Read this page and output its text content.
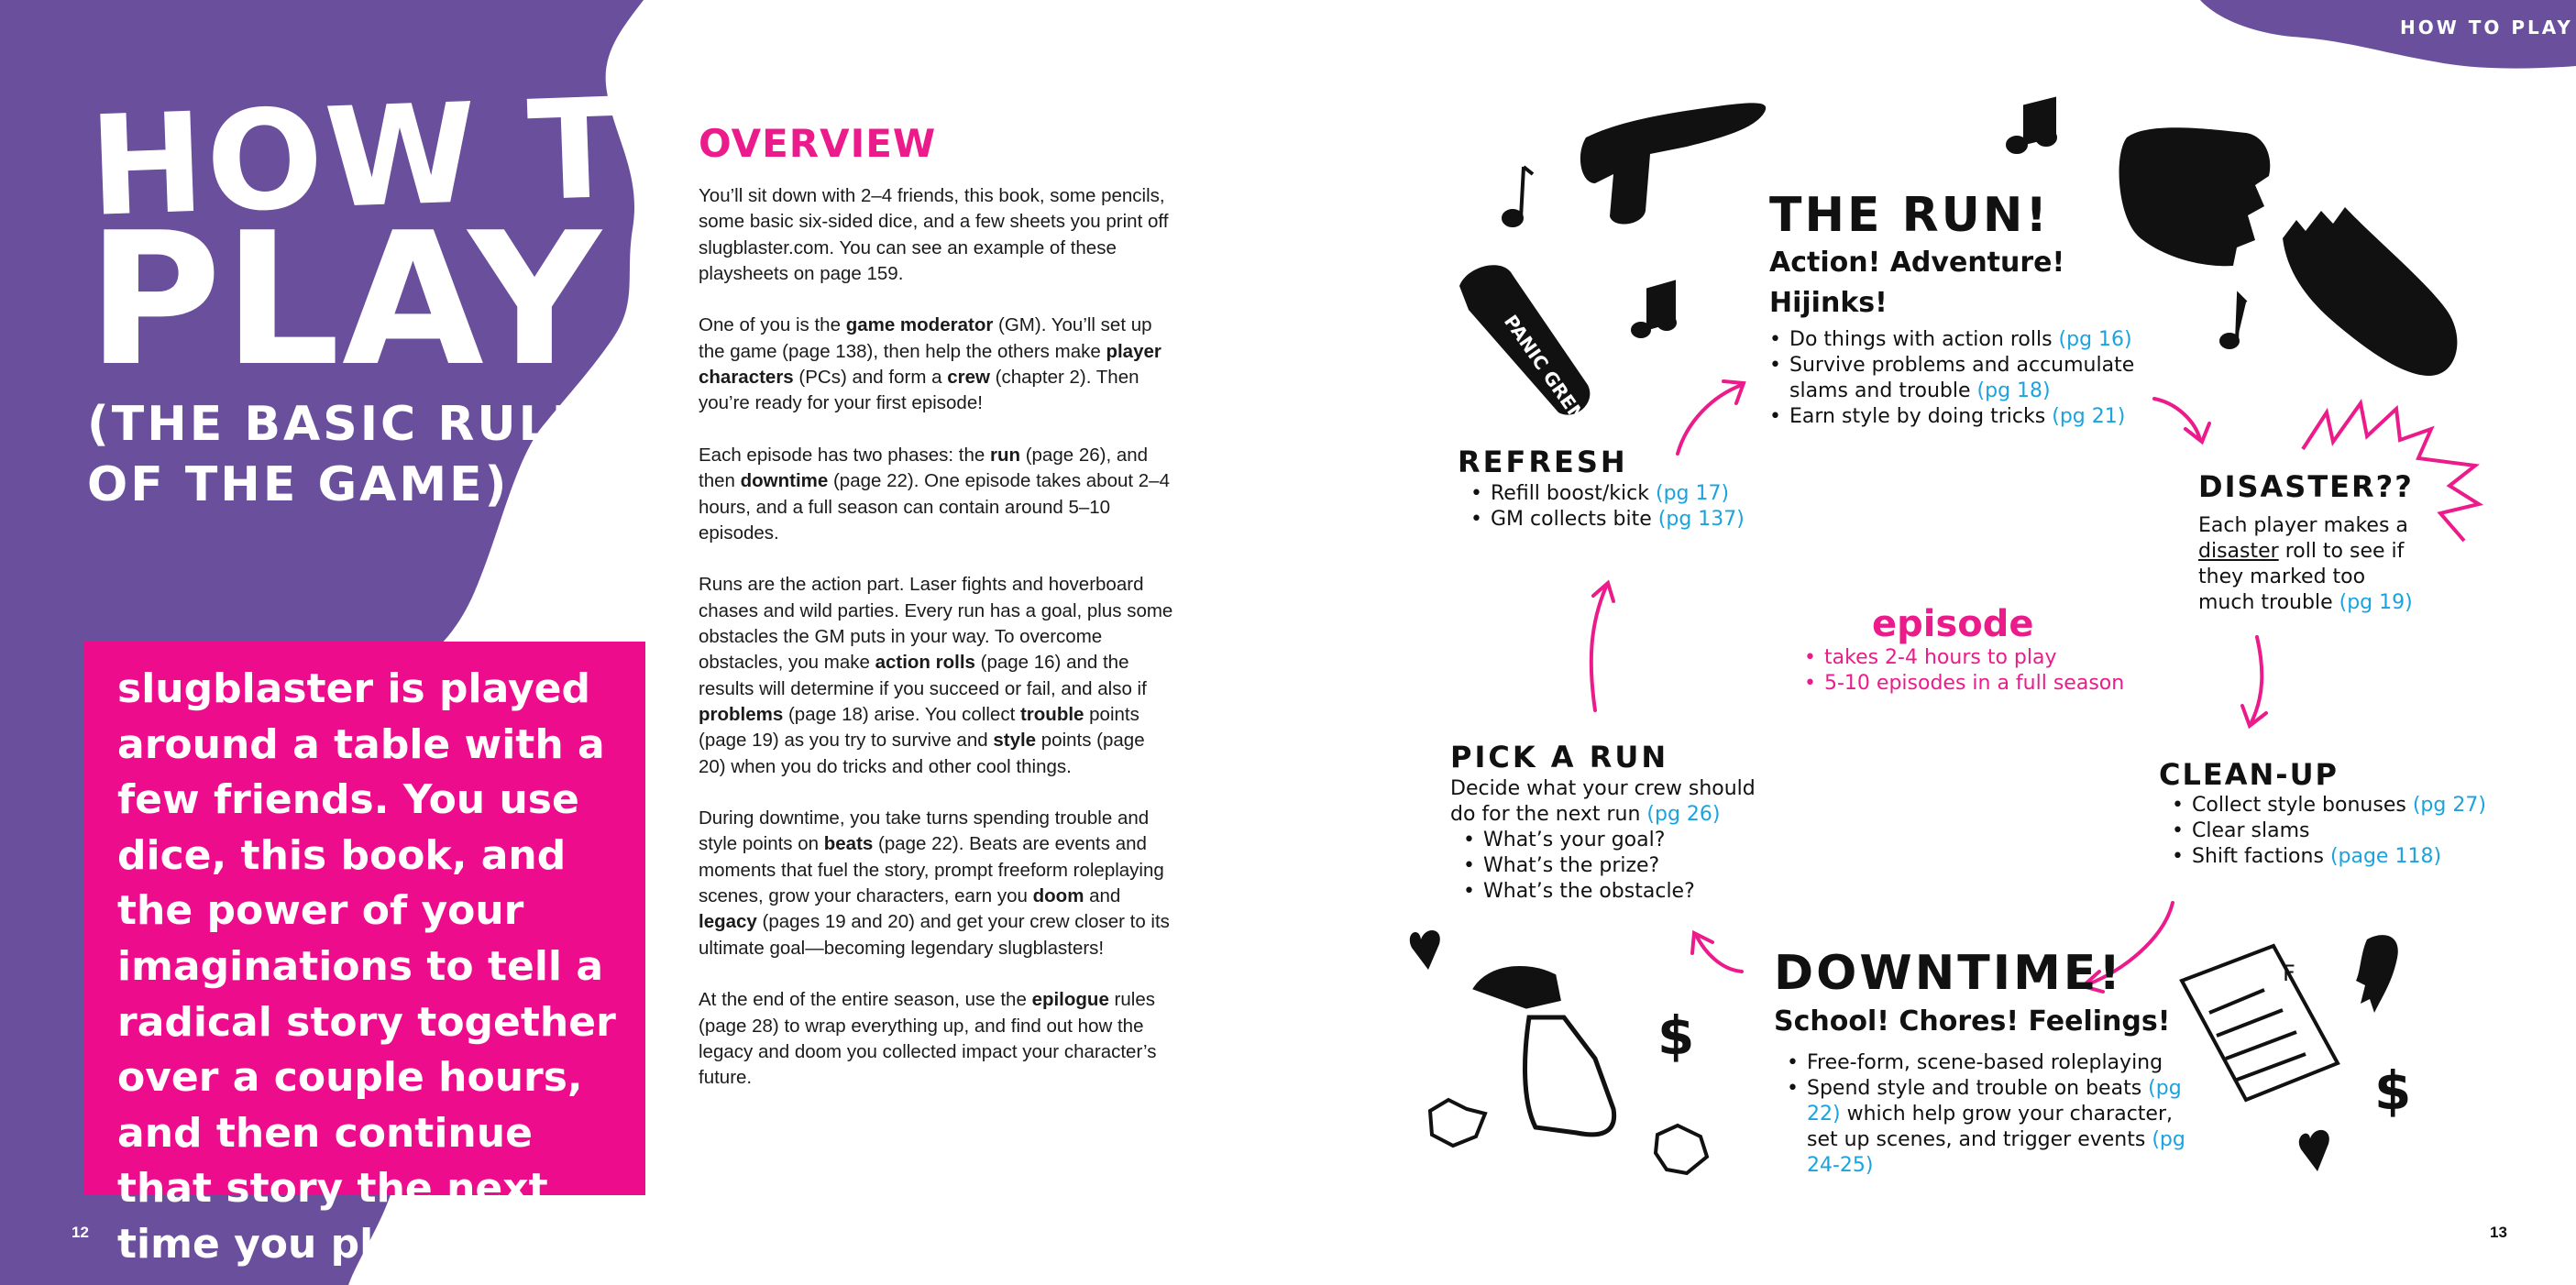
HOW TO PLAY
HOW TO
PLAY
(THE BASIC RULES
OF THE GAME)
slugblaster is played around a table with a few friends. You use dice, this book, and the power of your imaginations to tell a radical story together over a couple hours, and then continue that story the next time you play.
12
OVERVIEW

You’ll sit down with 2–4 friends, this book, some pencils, some basic six-sided dice, and a few sheets you print off slugblaster.com. You can see an example of these playsheets on page 159.

One of you is the game moderator (GM). You’ll set up the game (page 138), then help the others make player characters (PCs) and form a crew (chapter 2). Then you’re ready for your first episode!

Each episode has two phases: the run (page 26), and then downtime (page 22). One episode takes about 2–4 hours, and a full season can contain around 5–10 episodes.

Runs are the action part. Laser fights and hoverboard chases and wild parties. Every run has a goal, plus some obstacles the GM puts in your way. To overcome obstacles, you make action rolls (page 16) and the results will determine if you succeed or fail, and also if problems (page 18) arise. You collect trouble points (page 19) as you try to survive and style points (page 20) when you do tricks and other cool things.

During downtime, you take turns spending trouble and style points on beats (page 22). Beats are events and moments that fuel the story, prompt freeform roleplaying scenes, grow your characters, earn you doom and legacy (pages 19 and 20) and get your crew closer to its ultimate goal—becoming legendary slugblasters!

At the end of the entire season, use the epilogue rules (page 28) to wrap everything up, and find out how the legacy and doom you collected impact your character’s future.

PANIC GRENADE
$
$
F
THE RUN!
Action! Adventure! Hijinks!
• Do things with action rolls (pg 16)
• Survive problems and accumulate slams and trouble (pg 18)
• Earn style by doing tricks (pg 21)
DISASTER??
Each player makes a disaster roll to see if they marked too much trouble (pg 19)
CLEAN-UP
• Collect style bonuses (pg 27)
• Clear slams
• Shift factions (page 118)
DOWNTIME!
School! Chores! Feelings!
• Free-form, scene-based roleplaying
• Spend style and trouble on beats (pg 22) which help grow your character, set up scenes, and trigger events (pg 24-25)
PICK A RUN
Decide what your crew should do for the next run (pg 26)
• What’s your goal?
• What’s the prize?
• What’s the obstacle?
REFRESH
• Refill boost/kick (pg 17)
• GM collects bite (pg 137)
episode
• takes 2-4 hours to play
• 5-10 episodes in a full season
13
